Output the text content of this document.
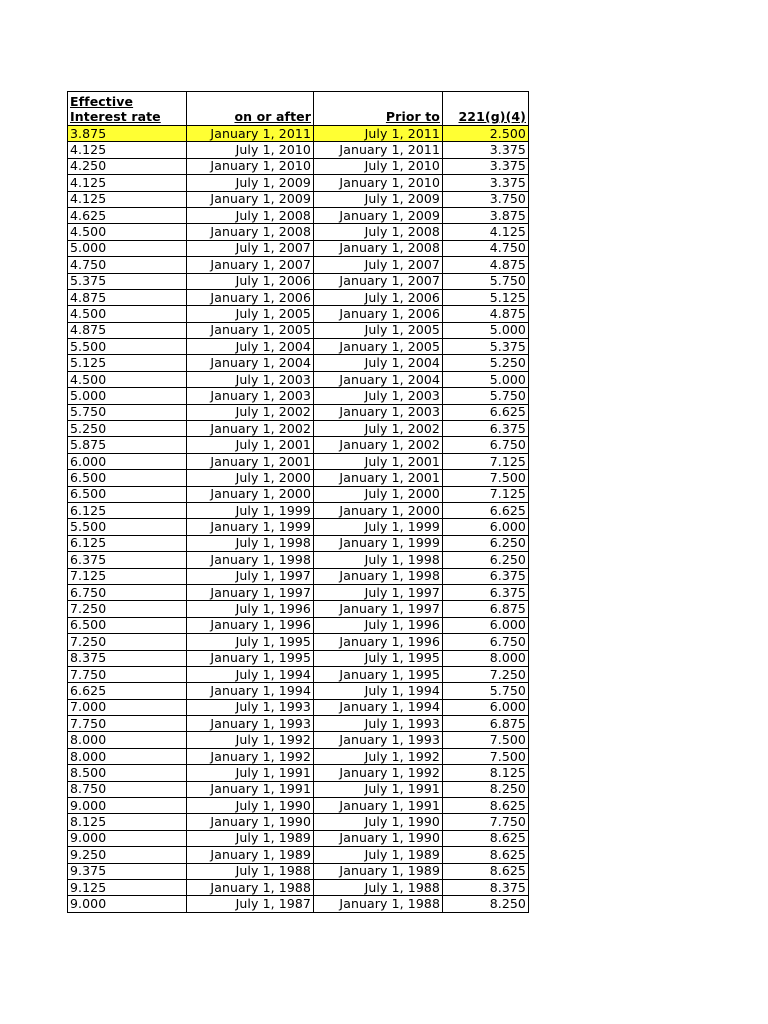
Effective
Interest rate	on or after	Prior to	221(g)(4)
3.875	January 1, 2011	July 1, 2011	2.500
4.125	July 1, 2010	January 1, 2011	3.375
4.250	January 1, 2010	July 1, 2010	3.375
4.125	July 1, 2009	January 1, 2010	3.375
4.125	January 1, 2009	July 1, 2009	3.750
4.625	July 1, 2008	January 1, 2009	3.875
4.500	January 1, 2008	July 1, 2008	4.125
5.000	July 1, 2007	January 1, 2008	4.750
4.750	January 1, 2007	July 1, 2007	4.875
5.375	July 1, 2006	January 1, 2007	5.750
4.875	January 1, 2006	July 1, 2006	5.125
4.500	July 1, 2005	January 1, 2006	4.875
4.875	January 1, 2005	July 1, 2005	5.000
5.500	July 1, 2004	January 1, 2005	5.375
5.125	January 1, 2004	July 1, 2004	5.250
4.500	July 1, 2003	January 1, 2004	5.000
5.000	January 1, 2003	July 1, 2003	5.750
5.750	July 1, 2002	January 1, 2003	6.625
5.250	January 1, 2002	July 1, 2002	6.375
5.875	July 1, 2001	January 1, 2002	6.750
6.000	January 1, 2001	July 1, 2001	7.125
6.500	July 1, 2000	January 1, 2001	7.500
6.500	January 1, 2000	July 1, 2000	7.125
6.125	July 1, 1999	January 1, 2000	6.625
5.500	January 1, 1999	July 1, 1999	6.000
6.125	July 1, 1998	January 1, 1999	6.250
6.375	January 1, 1998	July 1, 1998	6.250
7.125	July 1, 1997	January 1, 1998	6.375
6.750	January 1, 1997	July 1, 1997	6.375
7.250	July 1, 1996	January 1, 1997	6.875
6.500	January 1, 1996	July 1, 1996	6.000
7.250	July 1, 1995	January 1, 1996	6.750
8.375	January 1, 1995	July 1, 1995	8.000
7.750	July 1, 1994	January 1, 1995	7.250
6.625	January 1, 1994	July 1, 1994	5.750
7.000	July 1, 1993	January 1, 1994	6.000
7.750	January 1, 1993	July 1, 1993	6.875
8.000	July 1, 1992	January 1, 1993	7.500
8.000	January 1, 1992	July 1, 1992	7.500
8.500	July 1, 1991	January 1, 1992	8.125
8.750	January 1, 1991	July 1, 1991	8.250
9.000	July 1, 1990	January 1, 1991	8.625
8.125	January 1, 1990	July 1, 1990	7.750
9.000	July 1, 1989	January 1, 1990	8.625
9.250	January 1, 1989	July 1, 1989	8.625
9.375	July 1, 1988	January 1, 1989	8.625
9.125	January 1, 1988	July 1, 1988	8.375
9.000	July 1, 1987	January 1, 1988	8.250
